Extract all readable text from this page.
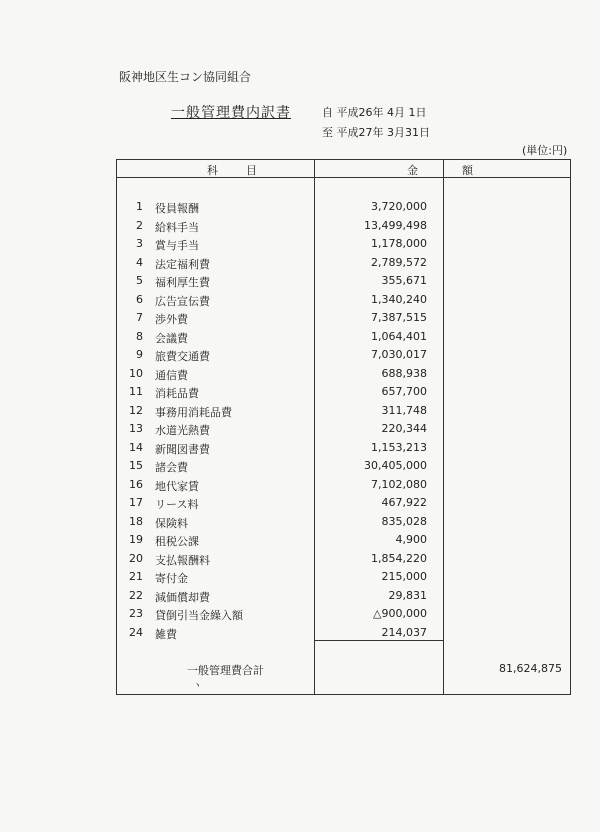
阪神地区生コン協同組合
一般管理費内訳書	自 平成26年 4月 1日
至 平成27年 3月31日
(単位:円)
科目	金額
1 役員報酬	3,720,000
2 給料手当	13,499,498
3 賞与手当	1,178,000
4 法定福利費	2,789,572
5 福利厚生費	355,671
6 広告宣伝費	1,340,240
7 渉外費	7,387,515
8 会議費	1,064,401
9 旅費交通費	7,030,017
10 通信費	688,938
11 消耗品費	657,700
12 事務用消耗品費	311,748
13 水道光熱費	220,344
14 新聞図書費	1,153,213
15 諸会費	30,405,000
16 地代家賃	7,102,080
17 リース料	467,922
18 保険料	835,028
19 租税公課	4,900
20 支払報酬料	1,854,220
21 寄付金	215,000
22 減価償却費	29,831
23 貸倒引当金繰入額	△900,000
24 雑費	214,037
一般管理費合計	81,624,875
ヽ
